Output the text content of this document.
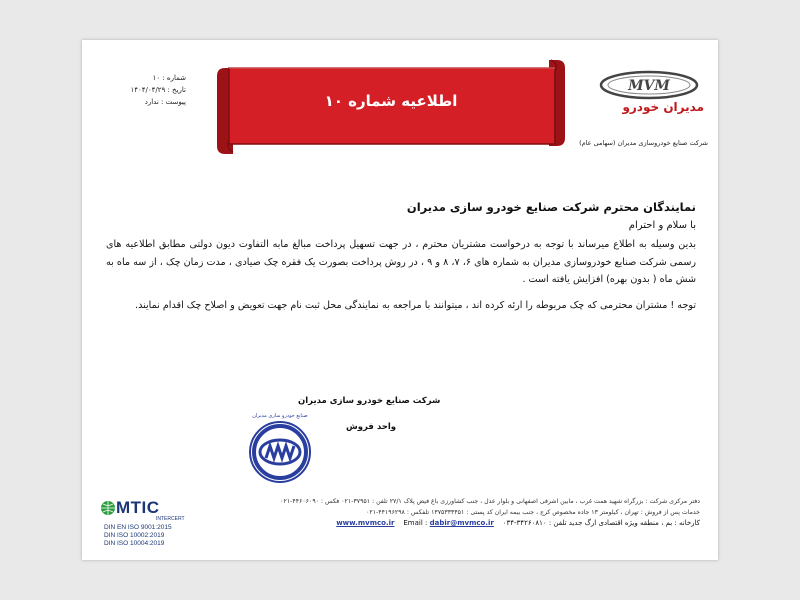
شماره : ۱۰
تاریخ : ۱۴۰۴/۰۴/۲۹
پیوست : ندارد	اطلاعیه شماره ۱۰
MVM
مدیران خودرو
شرکت صنایع خودروسازی مدیران (سهامی عام)

نمایندگان محترم شرکت صنایع خودرو سازی مدیران

با سلام و احترام

بدین وسیله به اطلاع میرساند با توجه به درخواست مشتریان محترم ، در جهت تسهیل پرداخت مبالغ مابه التفاوت دیون دولتی مطابق اطلاعیه های رسمی شرکت صنایع خودروسازی مدیران به شماره های ۶، ۷، ۸ و ۹ ، در روش پرداخت بصورت یک فقره چک صیادی ، مدت زمان چک ، از سه ماه به شش ماه ( بدون بهره) افزایش یافته است .

توجه ! مشتران محترمی که چک مربوطه را ارئه کرده اند ، میتوانند با مراجعه به نمایندگی محل ثبت نام جهت تعویض و اصلاح چک اقدام نمایند.

شرکت صنایع خودرو سازی مدیران
واحد فروش
صنایع خودرو سازی مدیران
دفتر مرکزی شرکت : بزرگراه شهید همت غرب ، مابین اشرفی اصفهانی و بلوار عدل ، جنب کشاورزی باغ فیض پلاک ۲۷/۱ تلفن : ۳۷۹۵۱-۰۲۱ فکس : ۴۴۶۰۶۰۹۰-۰۲۱
خدمات پس از فروش : تهران ، کیلومتر ۱۳ جاده مخصوص کرج ، جنب بیمه ایران کد پستی : ۱۳۷۵۳۳۳۴۵۱ تلفکس : ۴۴۱۹۶۲۹۸-۰۲۱
کارخانه : بم ، منطقه ویژه اقتصادی ارگ جدید تلفن : ۳۴۲۶۰۸۱۰-۰۳۴    Email : dabir@mvmco.ir    www.mvmco.ir
MTIC
INTERCERT
DIN EN ISO 9001:2015
DIN ISO 10002:2019
DIN ISO 10004:2019
